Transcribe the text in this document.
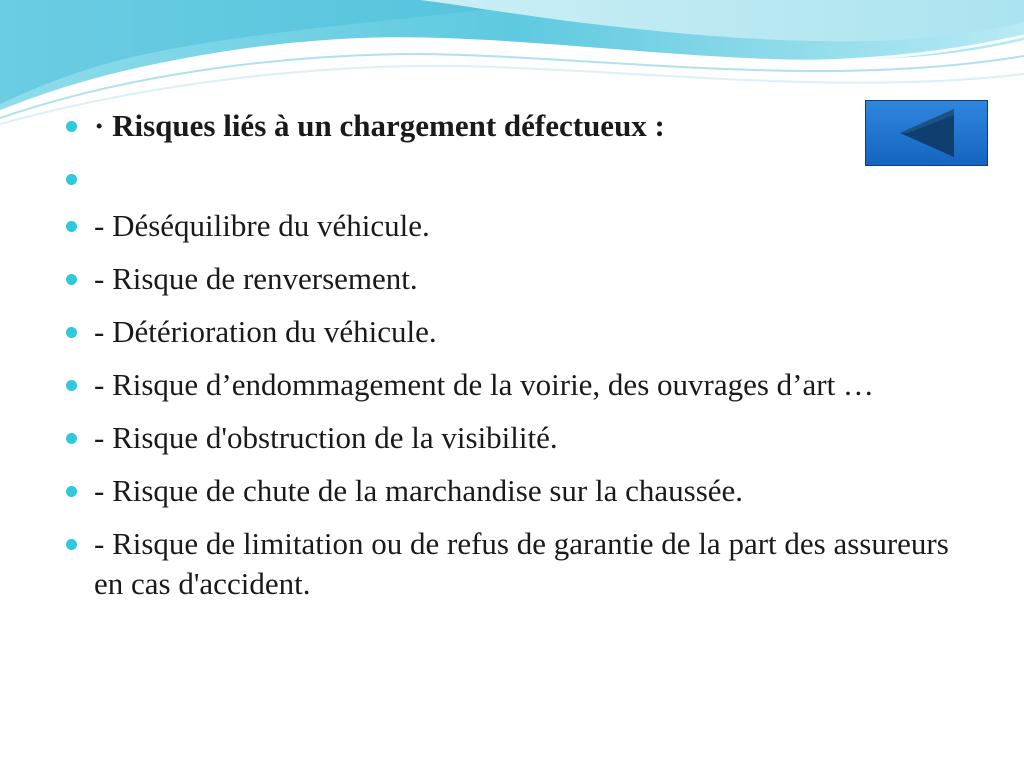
· Risques liés à un chargement défectueux :
- Déséquilibre du véhicule.
- Risque de renversement.
- Détérioration du véhicule.
- Risque d’endommagement de la voirie, des ouvrages d’art …
- Risque d'obstruction de la visibilité.
- Risque de chute de la marchandise sur la chaussée.
- Risque de limitation ou de refus de garantie de la part des assureurs en cas d'accident.
